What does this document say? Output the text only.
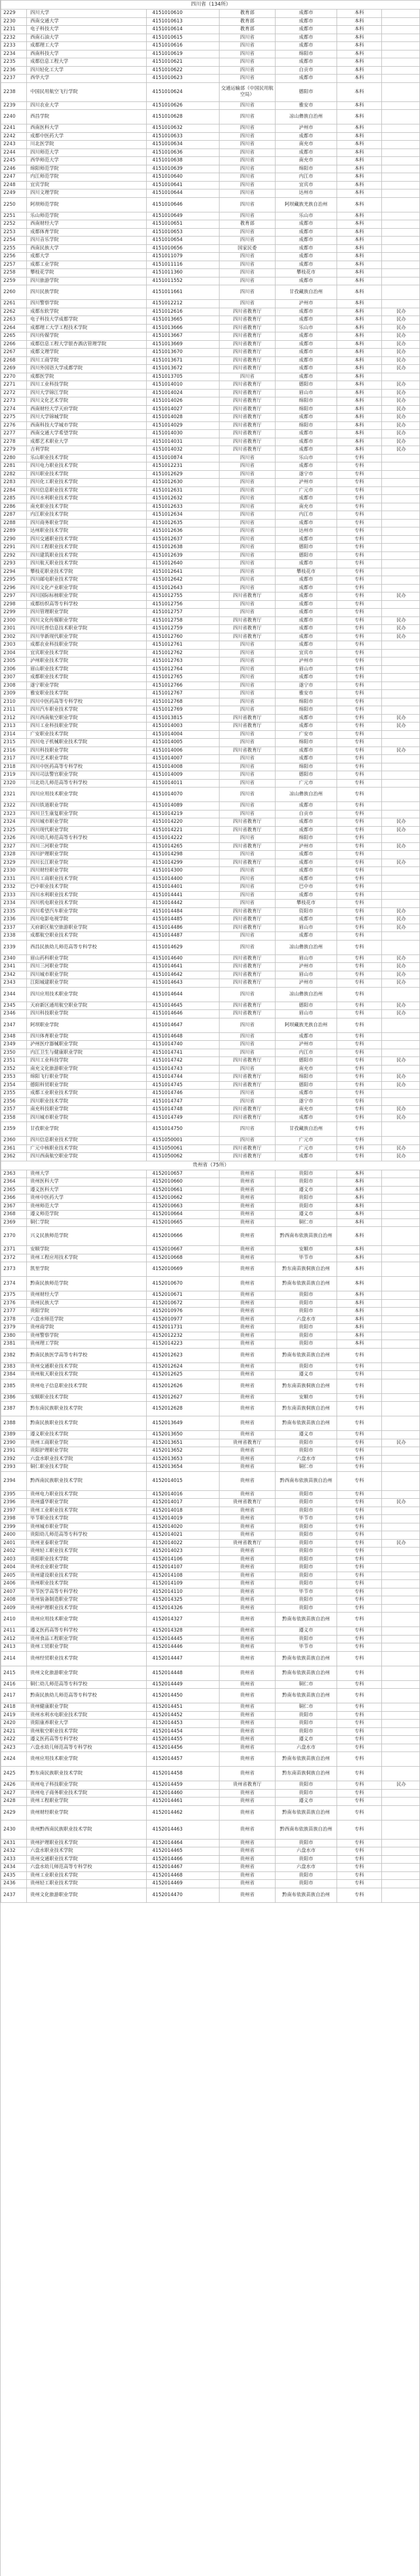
四川省（134所）						
2229	四川大学	4151010610	教育部	成都市	本科	
2230	西南交通大学	4151010613	教育部	成都市	本科	
2231	电子科技大学	4151010614	教育部	成都市	本科	
2232	西南石油大学	4151010615	四川省	成都市	本科	
2233	成都理工大学	4151010616	四川省	成都市	本科	
2234	西南科技大学	4151010619	四川省	绵阳市	本科	
2235	成都信息工程大学	4151010621	四川省	成都市	本科	
2236	四川轻化工大学	4151010622	四川省	自贡市	本科	
2237	西华大学	4151010623	四川省	成都市	本科	
2238	中国民用航空飞行学院	4151010624	交通运输部（中国民用航空局）	德阳市	本科	
2239	四川农业大学	4151010626	四川省	雅安市	本科	
2240	西昌学院	4151010628	四川省	凉山彝族自治州	本科	
2241	西南医科大学	4151010632	四川省	泸州市	本科	
2242	成都中医药大学	4151010633	四川省	成都市	本科	
2243	川北医学院	4151010634	四川省	南充市	本科	
2244	四川师范大学	4151010636	四川省	成都市	本科	
2245	西华师范大学	4151010638	四川省	南充市	本科	
2246	绵阳师范学院	4151010639	四川省	绵阳市	本科	
2247	内江师范学院	4151010640	四川省	内江市	本科	
2248	宜宾学院	4151010641	四川省	宜宾市	本科	
2249	四川文理学院	4151010644	四川省	达州市	本科	
2250	阿坝师范学院	4151010646	四川省	阿坝藏族羌族自治州	本科	
2251	乐山师范学院	4151010649	四川省	乐山市	本科	
2252	西南财经大学	4151010651	教育部	成都市	本科	
2253	成都体育学院	4151010653	四川省	成都市	本科	
2254	四川音乐学院	4151010654	四川省	成都市	本科	
2255	西南民族大学	4151010656	国家民委	成都市	本科	
2256	成都大学	4151011079	四川省	成都市	本科	
2257	成都工业学院	4151011116	四川省	成都市	本科	
2258	攀枝花学院	4151011360	四川省	攀枝花市	本科	
2259	四川旅游学院	4151011552	四川省	成都市	本科	
2260	四川民族学院	4151011661	四川省	甘孜藏族自治州	本科	
2261	四川警察学院	4151012212	四川省	泸州市	本科	
2262	成都东软学院	4151012616	四川省教育厅	成都市	本科	民办
2263	电子科技大学成都学院	4151013665	四川省教育厅	成都市	本科	民办
2264	成都理工大学工程技术学院	4151013666	四川省教育厅	乐山市	本科	民办
2265	四川传媒学院	4151013667	四川省教育厅	成都市	本科	民办
2266	成都信息工程大学银杏酒店管理学院	4151013669	四川省教育厅	成都市	本科	民办
2267	成都文理学院	4151013670	四川省教育厅	成都市	本科	民办
2268	四川工商学院	4151013671	四川省教育厅	成都市	本科	民办
2269	四川外国语大学成都学院	4151013672	四川省教育厅	成都市	本科	民办
2270	成都医学院	4151013705	四川省	成都市	本科	
2271	四川工业科技学院	4151014010	四川省教育厅	德阳市	本科	民办
2272	四川大学锦江学院	4151014024	四川省教育厅	眉山市	本科	民办
2273	四川文化艺术学院	4151014026	四川省教育厅	绵阳市	本科	民办
2274	西南财经大学天府学院	4151014027	四川省教育厅	绵阳市	本科	民办
2275	四川大学锦城学院	4151014028	四川省教育厅	成都市	本科	民办
2276	西南科技大学城市学院	4151014029	四川省教育厅	绵阳市	本科	民办
2277	西南交通大学希望学院	4151014030	四川省教育厅	成都市	本科	民办
2278	成都艺术职业大学	4151014031	四川省教育厅	成都市	本科	民办
2279	吉利学院	4151014032	四川省教育厅	成都市	本科	民办
2280	乐山职业技术学院	4151010874	四川省	乐山市	专科	
2281	四川电力职业技术学院	4151012231	四川省	成都市	专科	
2282	四川职业技术学院	4151012629	四川省	遂宁市	专科	
2283	四川化工职业技术学院	4151012630	四川省	泸州市	专科	
2284	四川信息职业技术学院	4151012631	四川省	广元市	专科	
2285	四川水利职业技术学院	4151012632	四川省	成都市	专科	
2286	南充职业技术学院	4151012633	四川省	南充市	专科	
2287	内江职业技术学院	4151012634	四川省	内江市	专科	
2288	四川商务职业学院	4151012635	四川省	成都市	专科	
2289	达州职业技术学院	4151012636	四川省	达州市	专科	
2290	四川交通职业技术学院	4151012637	四川省	成都市	专科	
2291	四川工程职业技术学院	4151012638	四川省	德阳市	专科	
2292	四川建筑职业技术学院	4151012639	四川省	德阳市	专科	
2293	四川航天职业技术学院	4151012640	四川省	成都市	专科	
2294	攀枝花职业技术学院	4151012641	四川省	攀枝花市	专科	
2295	四川邮电职业技术学院	4151012642	四川省	成都市	专科	
2296	四川文化产业职业学院	4151012643	四川省	成都市	专科	
2297	四川国际标榜职业学院	4151012755	四川省教育厅	成都市	专科	民办
2298	成都纺织高等专科学校	4151012756	四川省	成都市	专科	
2299	四川管理职业学院	4151012757	四川省	成都市	专科	
2300	四川文化传媒职业学院	4151012758	四川省教育厅	成都市	专科	民办
2301	四川托普信息技术职业学院	4151012759	四川省教育厅	成都市	专科	民办
2302	四川华新现代职业学院	4151012760	四川省教育厅	成都市	专科	民办
2303	成都农业科技职业学院	4151012761	四川省	成都市	专科	
2304	宜宾职业技术学院	4151012762	四川省	宜宾市	专科	
2305	泸州职业技术学院	4151012763	四川省	泸州市	专科	
2306	眉山职业技术学院	4151012764	四川省	眉山市	专科	
2307	成都职业技术学院	4151012765	四川省	成都市	专科	
2308	遂宁职业学院	4151012766	四川省	遂宁市	专科	
2309	雅安职业技术学院	4151012767	四川省	雅安市	专科	
2310	四川中医药高等专科学校	4151012768	四川省	绵阳市	专科	
2311	四川汽车职业技术学院	4151012769	四川省	绵阳市	专科	
2312	四川西南航空职业学院	4151013815	四川省教育厅	成都市	专科	民办
2313	四川工业科技职业学院	4151014003	四川省教育厅	成都市	专科	民办
2314	广安职业技术学院	4151014004	四川省	广安市	专科	
2315	四川电子机械职业技术学院	4151014005	四川省	绵阳市	专科	
2316	四川科技职业学院	4151014006	四川省教育厅	成都市	专科	民办
2317	四川艺术职业学院	4151014007	四川省	成都市	专科	
2318	四川中医药高等专科学校	4151014008	四川省	绵阳市	专科	
2319	四川司法警官职业学院	4151014009	四川省	德阳市	专科	
2320	川北幼儿师范高等专科学校	4151014011	四川省	广元市	专科	
2321	四川应用技术职业学院	4151014070	四川省	凉山彝族自治州	专科	
2322	四川铁道职业学院	4151014089	四川省	成都市	专科	
2323	四川卫生康复职业学院	4151014219	四川省	自贡市	专科	
2324	四川城市职业学院	4151014220	四川省教育厅	成都市	专科	民办
2325	四川现代职业学院	4151014221	四川省教育厅	成都市	专科	民办
2326	四川幼儿师范高等专科学校	4151014222	四川省	绵阳市	专科	
2327	四川三河职业学院	4151014265	四川省教育厅	泸州市	专科	民办
2328	四川护理职业学院	4151014298	四川省	成都市	专科	
2329	四川长江职业学院	4151014299	四川省教育厅	成都市	专科	民办
2330	四川财经职业学院	4151014300	四川省	成都市	专科	
2331	四川工商职业技术学院	4151014400	四川省	成都市	专科	
2332	巴中职业技术学院	4151014401	四川省	巴中市	专科	
2333	四川水利职业技术学院	4151014441	四川省	成都市	专科	
2334	四川机电职业技术学院	4151014442	四川省	攀枝花市	专科	
2335	四川希望汽车职业学院	4151014484	四川省教育厅	资阳市	专科	民办
2336	四川电影电视学院	4151014485	四川省教育厅	成都市	专科	民办
2337	天府新区航空旅游职业学院	4151014486	四川省教育厅	眉山市	专科	民办
2338	成都航空职业技术学院	4151014487	四川省	成都市	专科	
2339	西昌民族幼儿师范高等专科学校	4151014629	四川省	凉山彝族自治州	专科	
2340	眉山药科职业学院	4151014640	四川省教育厅	眉山市	专科	民办
2341	四川三河职业学院	4151014641	四川省教育厅	泸州市	专科	民办
2342	四川城市职业学院	4151014642	四川省教育厅	眉山市	专科	民办
2343	江阳城建职业学院	4151014643	四川省教育厅	泸州市	专科	民办
2344	四川应用技术职业学院	4151014644	四川省	凉山彝族自治州	专科	
2345	天府新区通用航空职业学院	4151014645	四川省教育厅	德阳市	专科	民办
2346	四川科技职业学院	4151014646	四川省教育厅	眉山市	专科	民办
2347	阿坝职业学院	4151014647	四川省	阿坝藏族羌族自治州	专科	
2348	四川体育职业学院	4151014648	四川省	成都市	专科	
2349	泸州医疗器械职业学院	4151014740	四川省	泸州市	专科	
2350	内江卫生与健康职业学院	4151014741	四川省	内江市	专科	
2351	四川工业科技学院	4151014742	四川省教育厅	德阳市	专科	民办
2352	南充文化旅游职业学院	4151014743	四川省	南充市	专科	
2353	绵阳飞行职业学院	4151014744	四川省教育厅	绵阳市	专科	民办
2354	德阳科贸职业学院	4151014745	四川省教育厅	德阳市	专科	民办
2355	成都工业职业技术学院	4151014746	四川省	成都市	专科	
2356	四川职业技术学院	4151014747	四川省	遂宁市	专科	
2357	南充科技职业学院	4151014748	四川省教育厅	南充市	专科	民办
2358	四川城市职业学院	4151014749	四川省教育厅	成都市	专科	民办
2359	甘孜职业学院	4151014750	四川省	甘孜藏族自治州	专科	
2360	四川信息职业技术学院	4151050001	四川省	广元市	专科	
2361	广元中核职业技术学院	4151050061	四川省教育厅	广元市	专科	民办
2362	四川西南航空职业学院	4151050062	四川省教育厅	成都市	专科	民办
贵州省（75所）						
2363	贵州大学	4152010657	贵州省	贵阳市	本科	
2364	贵州医科大学	4152010660	贵州省	贵阳市	本科	
2365	遵义医科大学	4152010661	贵州省	遵义市	本科	
2366	贵州中医药大学	4152010662	贵州省	贵阳市	本科	
2367	贵州师范大学	4152010663	贵州省	贵阳市	本科	
2368	遵义师范学院	4152010664	贵州省	遵义市	本科	
2369	铜仁学院	4152010665	贵州省	铜仁市	本科	
2370	兴义民族师范学院	4152010666	贵州省	黔西南布依族苗族自治州	本科	
2371	安顺学院	4152010667	贵州省	安顺市	本科	
2372	贵州工程应用技术学院	4152010668	贵州省	毕节市	本科	
2373	凯里学院	4152010669	贵州省	黔东南苗族侗族自治州	本科	
2374	黔南民族师范学院	4152010670	贵州省	黔南布依族苗族自治州	本科	
2375	贵州财经大学	4152010671	贵州省	贵阳市	本科	
2376	贵州民族大学	4152010672	贵州省	贵阳市	本科	
2377	贵阳学院	4152010976	贵州省	贵阳市	本科	
2378	六盘水师范学院	4152010977	贵州省	六盘水市	本科	
2379	贵州商学院	4152011731	贵州省	贵阳市	本科	
2380	贵州警察学院	4152012232	贵州省	贵阳市	本科	
2381	贵州理工学院	4152014223	贵州省	贵阳市	本科	
2382	黔南民族医学高等专科学校	4152012623	贵州省	黔南布依族苗族自治州	专科	
2383	贵州交通职业技术学院	4152012624	贵州省	贵阳市	专科	
2384	贵州航天职业技术学院	4152012625	贵州省	遵义市	专科	
2385	贵州电子信息职业技术学院	4152012626	贵州省	黔东南苗族侗族自治州	专科	
2386	安顺职业技术学院	4152012627	贵州省	安顺市	专科	
2387	黔东南民族职业技术学院	4152012628	贵州省	黔东南苗族侗族自治州	专科	
2388	黔南民族职业技术学院	4152013649	贵州省	黔南布依族苗族自治州	专科	
2389	遵义职业技术学院	4152013650	贵州省	遵义市	专科	
2390	贵州工商职业学院	4152013651	贵州省教育厅	贵阳市	专科	民办
2391	贵阳护理职业学院	4152013652	贵州省	贵阳市	专科	
2392	六盘水职业技术学院	4152013653	贵州省	六盘水市	专科	
2393	铜仁职业技术学院	4152013654	贵州省	铜仁市	专科	
2394	黔西南民族职业技术学院	4152014015	贵州省	黔西南布依族苗族自治州	专科	
2395	贵州电力职业技术学院	4152014016	贵州省	贵阳市	专科	
2396	贵州盛华职业学院	4152014017	贵州省教育厅	贵阳市	专科	民办
2397	贵州工业职业技术学院	4152014018	贵州省	贵阳市	专科	
2398	毕节职业技术学院	4152014019	贵州省	毕节市	专科	
2399	贵州城市职业学院	4152014020	贵州省	贵阳市	专科	
2400	贵阳幼儿师范高等专科学校	4152014021	贵州省	贵阳市	专科	
2401	贵州亚泰职业学院	4152014022	贵州省教育厅	贵阳市	专科	民办
2402	贵州轻工职业技术学院	4152014023	贵州省	贵阳市	专科	
2403	贵阳职业技术学院	4152014106	贵州省	贵阳市	专科	
2404	贵州农业职业学院	4152014107	贵州省	贵阳市	专科	
2405	贵州建设职业技术学院	4152014108	贵州省	贵阳市	专科	
2406	贵州职业技术学院	4152014109	贵州省	贵阳市	专科	
2407	毕节医学高等专科学校	4152014110	贵州省	毕节市	专科	
2408	贵州装备制造职业学院	4152014325	贵州省	贵阳市	专科	
2409	贵州护理职业技术学院	4152014326	贵州省	贵阳市	专科	
2410	贵州应用技术职业学院	4152014327	贵州省	黔南布依族苗族自治州	专科	
2411	遵义医药高等专科学校	4152014328	贵州省	遵义市	专科	
2412	贵州食品工程职业学院	4152014445	贵州省	贵阳市	专科	
2413	贵州工贸职业学院	4152014446	贵州省	毕节市	专科	
2414	贵州经贸职业技术学院	4152014447	贵州省	黔南布依族苗族自治州	专科	
2415	贵州文化旅游职业学院	4152014448	贵州省	黔南布依族苗族自治州	专科	
2416	铜仁幼儿师范高等专科学校	4152014449	贵州省	铜仁市	专科	
2417	黔南民族幼儿师范高等专科学校	4152014450	贵州省	黔南布依族苗族自治州	专科	
2418	贵州健康职业学院	4152014451	贵州省	铜仁市	专科	
2419	贵州水利水电职业技术学院	4152014452	贵州省	贵阳市	专科	
2420	贵阳康养职业大学	4152014453	贵州省	贵阳市	专科	
2421	贵州航空职业技术学院	4152014454	贵州省	贵阳市	专科	
2422	遵义医药高等专科学校	4152014455	贵州省	遵义市	专科	
2423	六盘水幼儿师范高等专科学校	4152014456	贵州省	六盘水市	专科	
2424	贵州应用技术职业学院	4152014457	贵州省	黔南布依族苗族自治州	专科	
2425	黔东南民族职业技术学院	4152014458	贵州省	黔东南苗族侗族自治州	专科	
2426	贵州电子科技职业学院	4152014459	贵州省教育厅	贵阳市	专科	民办
2427	贵州电子商务职业技术学院	4152014460	贵州省	贵阳市	专科	
2428	贵州工程职业学院	4152014461	贵州省	遵义市	专科	
2429	贵州财经职业学院	4152014462	贵州省	黔南布依族苗族自治州	专科	
2430	贵州黔西南民族职业技术学院	4152014463	贵州省	黔西南布依族苗族自治州	专科	
2431	贵州护理职业技术学院	4152014464	贵州省	贵阳市	专科	
2432	六盘水职业技术学院	4152014465	贵州省	六盘水市	专科	
2433	贵州交通职业技术学院	4152014466	贵州省	贵阳市	专科	
2434	六盘水幼儿师范高等专科学校	4152014467	贵州省	六盘水市	专科	
2435	贵州工业职业技术学院	4152014468	贵州省	贵阳市	专科	
2436	贵州轻工职业技术学院	4152014469	贵州省	贵阳市	专科	
2437	贵州文化旅游职业学院	4152014470	贵州省	黔南布依族苗族自治州	专科	
